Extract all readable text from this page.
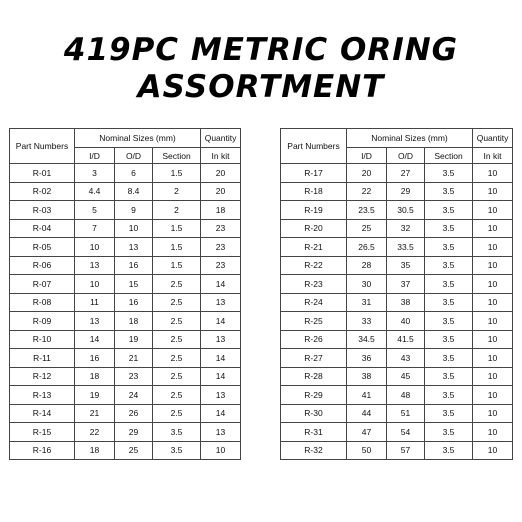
419PC METRIC ORING
ASSORTMENT
Part Numbers	Nominal Sizes (mm)			Quantity
	I/D	O/D	Section	In kit
R-01	3	6	1.5	20
R-02	4.4	8.4	2	20
R-03	5	9	2	18
R-04	7	10	1.5	23
R-05	10	13	1.5	23
R-06	13	16	1.5	23
R-07	10	15	2.5	14
R-08	11	16	2.5	13
R-09	13	18	2.5	14
R-10	14	19	2.5	13
R-11	16	21	2.5	14
R-12	18	23	2.5	14
R-13	19	24	2.5	13
R-14	21	26	2.5	14
R-15	22	29	3.5	13
R-16	18	25	3.5	10
Part Numbers	Nominal Sizes (mm)			Quantity
	I/D	O/D	Section	In kit
R-17	20	27	3.5	10
R-18	22	29	3.5	10
R-19	23.5	30.5	3.5	10
R-20	25	32	3.5	10
R-21	26.5	33.5	3.5	10
R-22	28	35	3.5	10
R-23	30	37	3.5	10
R-24	31	38	3.5	10
R-25	33	40	3.5	10
R-26	34.5	41.5	3.5	10
R-27	36	43	3.5	10
R-28	38	45	3.5	10
R-29	41	48	3.5	10
R-30	44	51	3.5	10
R-31	47	54	3.5	10
R-32	50	57	3.5	10
